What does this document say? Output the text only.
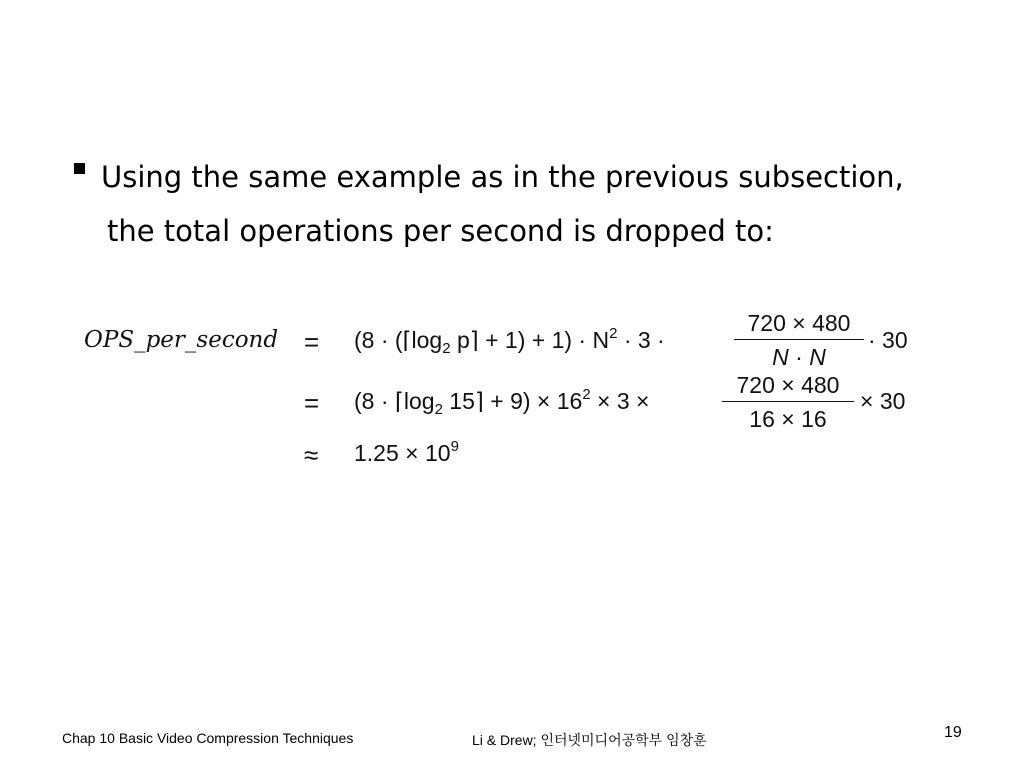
Using the same example as in the previous subsection,
the total operations per second is dropped to:
OPS_per_second = ($8 \cdot (⌈\log_2$ p⌉ + $1) + 1) \cdot N^2 \cdot 3$ ·
720 × 480
N · N
· 30
= ($8 \cdot ⌈\log_2$ 15⌉ + $9) \times 16^2 \times 3$ ×
720 × 480
16 × 16
× 30
≈ $1.25 \times 10^9$
Chap 10 Basic Video Compression Techniques	Li & Drew; 인터넷미디어공학부 임창훈	19
